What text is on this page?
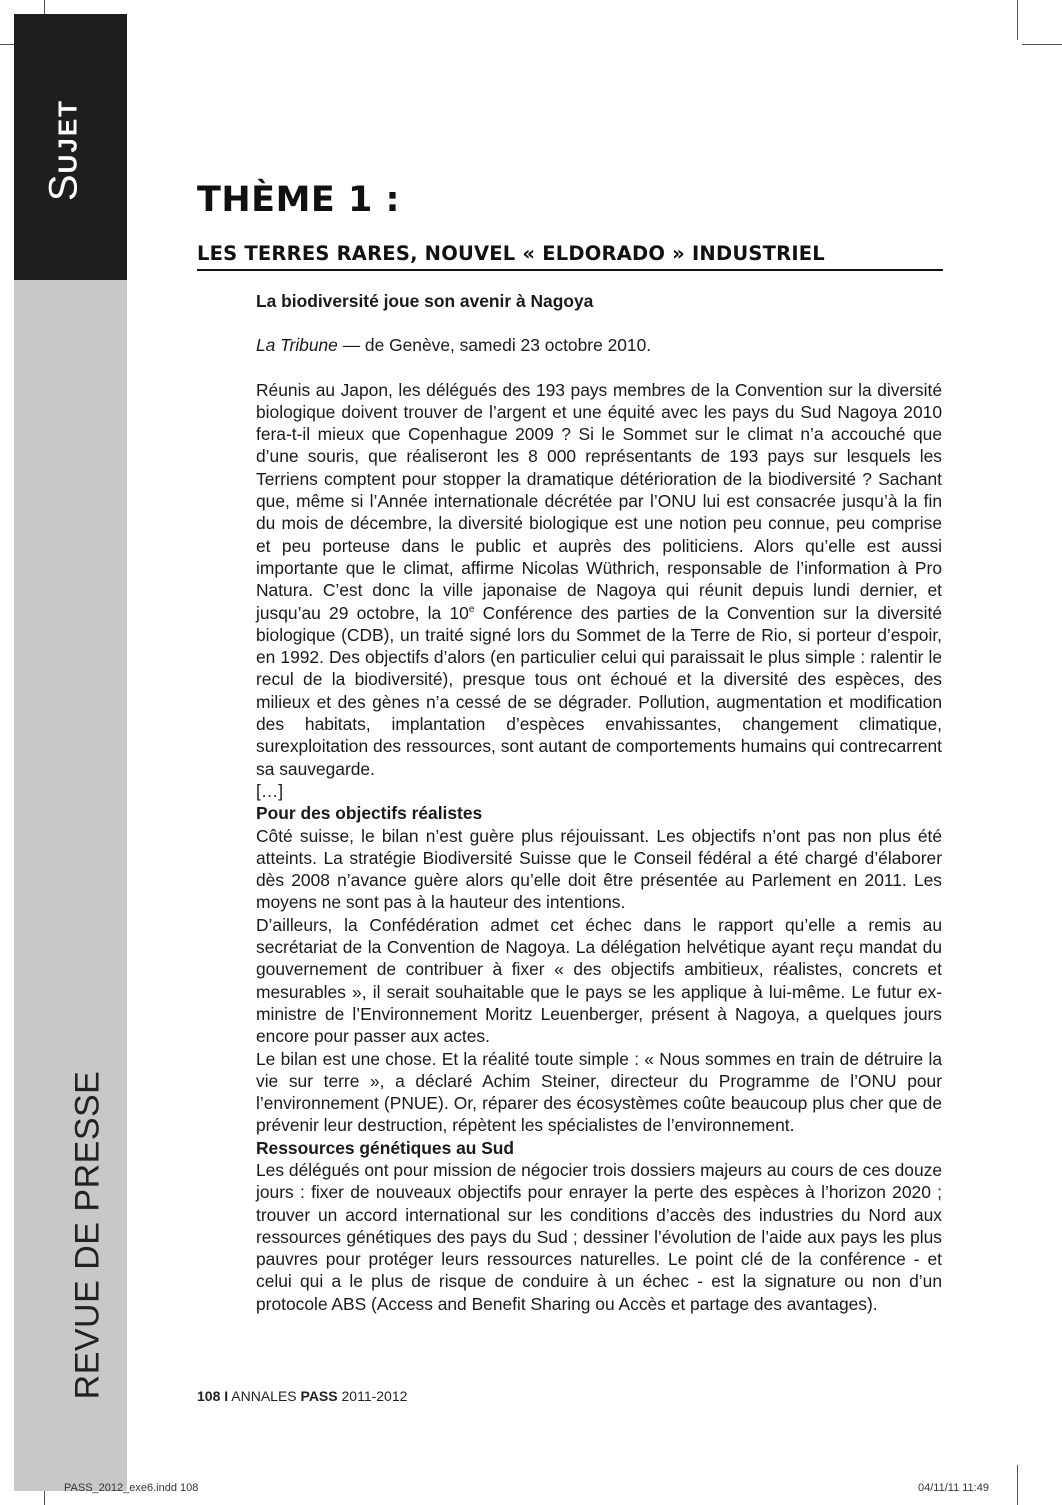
SUJET
REVUE DE PRESSE
THÈME 1 :
LES TERRES RARES, NOUVEL « ELDORADO » INDUSTRIEL

La biodiversité joue son avenir à Nagoya

La Tribune — de Genève, samedi 23 octobre 2010.

Réunis au Japon, les délégués des 193 pays membres de la Convention sur la diversité biologique doivent trouver de l’argent et une équité avec les pays du Sud Nagoya 2010 fera-t-il mieux que Copenhague 2009 ? Si le Sommet sur le climat n’a accouché que d’une souris, que réaliseront les 8 000 représentants de 193 pays sur lesquels les Terriens comptent pour stopper la dramatique détérioration de la biodiversité ? Sachant que, même si l’Année internationale décrétée par l’ONU lui est consacrée jusqu’à la fin du mois de décembre, la diversité biologique est une notion peu connue, peu comprise et peu porteuse dans le public et auprès des politiciens. Alors qu’elle est aussi importante que le climat, affirme Nicolas Wüthrich, responsable de l’information à Pro Natura. C’est donc la ville japonaise de Nagoya qui réunit depuis lundi dernier, et jusqu’au 29 octobre, la 10e Conférence des parties de la Convention sur la diversité biologique (CDB), un traité signé lors du Sommet de la Terre de Rio, si porteur d’espoir, en 1992. Des objectifs d’alors (en particulier celui qui paraissait le plus simple : ralentir le recul de la biodiversité), presque tous ont échoué et la diversité des espèces, des milieux et des gènes n’a cessé de se dégrader. Pollution, augmentation et modification des habitats, implantation d’espèces envahissantes, changement climatique, surexploitation des ressources, sont autant de comportements humains qui contrecarrent sa sauvegarde.

[…]

Pour des objectifs réalistes

Côté suisse, le bilan n’est guère plus réjouissant. Les objectifs n’ont pas non plus été atteints. La stratégie Biodiversité Suisse que le Conseil fédéral a été chargé d’élaborer dès 2008 n’avance guère alors qu’elle doit être présentée au Parlement en 2011. Les moyens ne sont pas à la hauteur des intentions.

D’ailleurs, la Confédération admet cet échec dans le rapport qu’elle a remis au secrétariat de la Convention de Nagoya. La délégation helvétique ayant reçu mandat du gouvernement de contribuer à fixer « des objectifs ambitieux, réalistes, concrets et mesurables », il serait souhaitable que le pays se les applique à lui-même. Le futur ex-ministre de l’Environnement Moritz Leuenberger, présent à Nagoya, a quelques jours encore pour passer aux actes.

Le bilan est une chose. Et la réalité toute simple : « Nous sommes en train de détruire la vie sur terre », a déclaré Achim Steiner, directeur du Programme de l’ONU pour l’environnement (PNUE). Or, réparer des écosystèmes coûte beaucoup plus cher que de prévenir leur destruction, répètent les spécialistes de l’environnement.

Ressources génétiques au Sud

Les délégués ont pour mission de négocier trois dossiers majeurs au cours de ces douze jours : fixer de nouveaux objectifs pour enrayer la perte des espèces à l’horizon 2020 ; trouver un accord international sur les conditions d’accès des industries du Nord aux ressources génétiques des pays du Sud ; dessiner l’évolution de l’aide aux pays les plus pauvres pour protéger leurs ressources naturelles. Le point clé de la conférence - et celui qui a le plus de risque de conduire à un échec - est la signature ou non d’un protocole ABS (Access and Benefit Sharing ou Accès et partage des avantages).

108 I ANNALES PASS 2011-2012
PASS_2012_exe6.indd 108	04/11/11 11:49
